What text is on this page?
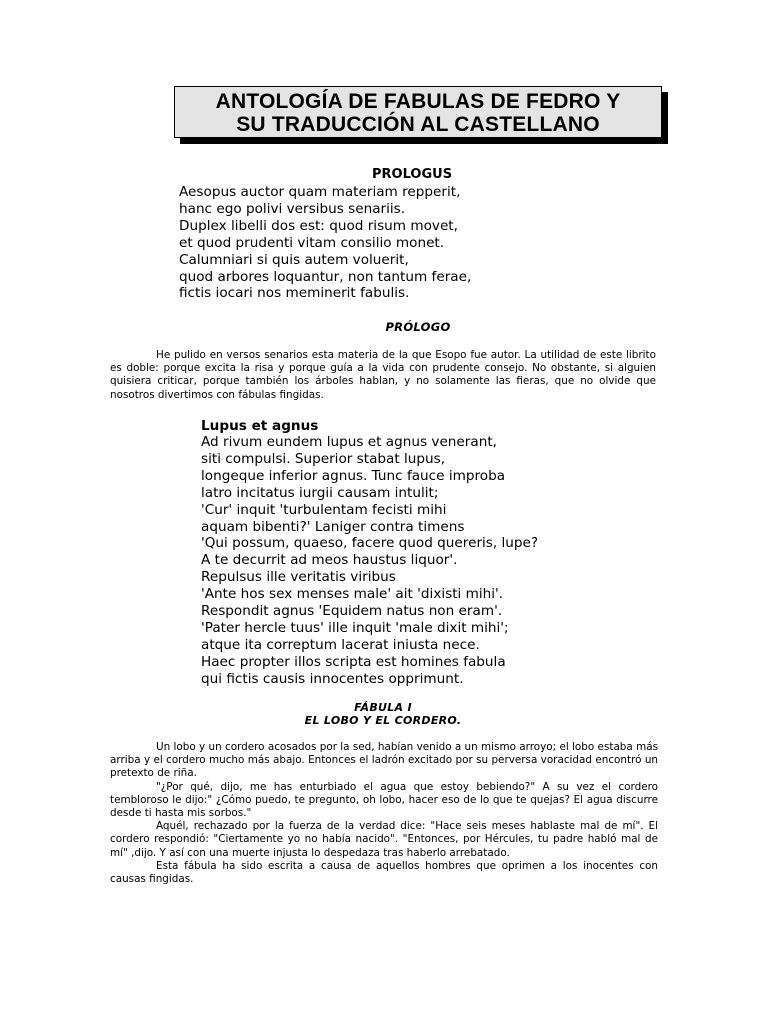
ANTOLOGÍA DE FABULAS DE FEDRO Y
SU TRADUCCIÓN AL CASTELLANO
PROLOGUS
Aesopus auctor quam materiam repperit,
hanc ego polivi versibus senariis.
Duplex libelli dos est: quod risum movet,
et quod prudenti vitam consilio monet.
Calumniari si quis autem voluerit,
quod arbores loquantur, non tantum ferae,
fictis iocari nos meminerit fabulis.
PRÓLOGO

He pulido en versos senarios esta materia de la que Esopo fue autor. La utilidad de este librito es doble: porque excita la risa y porque guía a la vida con prudente consejo. No obstante, si alguien quisiera criticar, porque también los árboles hablan, y no solamente las fieras, que no olvide que nosotros divertimos con fábulas fingidas.

Lupus et agnus
Ad rivum eundem lupus et agnus venerant,
siti compulsi. Superior stabat lupus,
longeque inferior agnus. Tunc fauce improba
latro incitatus iurgii causam intulit;
'Cur' inquit 'turbulentam fecisti mihi
aquam bibenti?' Laniger contra timens
'Qui possum, quaeso, facere quod quereris, lupe?
A te decurrit ad meos haustus liquor'.
Repulsus ille veritatis viribus
'Ante hos sex menses male' ait 'dixisti mihi'.
Respondit agnus 'Equidem natus non eram'.
'Pater hercle tuus' ille inquit 'male dixit mihi';
atque ita correptum lacerat iniusta nece.
Haec propter illos scripta est homines fabula
qui fictis causis innocentes opprimunt.
FÁBULA I
EL LOBO Y EL CORDERO.

Un lobo y un cordero acosados por la sed, habían venido a un mismo arroyo; el lobo estaba más arriba y el cordero mucho más abajo. Entonces el ladrón excitado por su perversa voracidad encontró un pretexto de riña.

"¿Por qué, dijo, me has enturbiado el agua que estoy bebiendo?" A su vez el cordero tembloroso le dijo:" ¿Cómo puedo, te pregunto, oh lobo, hacer eso de lo que te quejas? El agua discurre desde ti hasta mis sorbos."

Aquél, rechazado por la fuerza de la verdad dice: "Hace seis meses hablaste mal de mí". El cordero respondió: "Ciertamente yo no había nacido". "Entonces, por Hércules, tu padre habló mal de mí" ,dijo. Y así con una muerte injusta lo despedaza tras haberlo arrebatado.

Esta fábula ha sido escrita a causa de aquellos hombres que oprimen a los inocentes con causas fingidas.
